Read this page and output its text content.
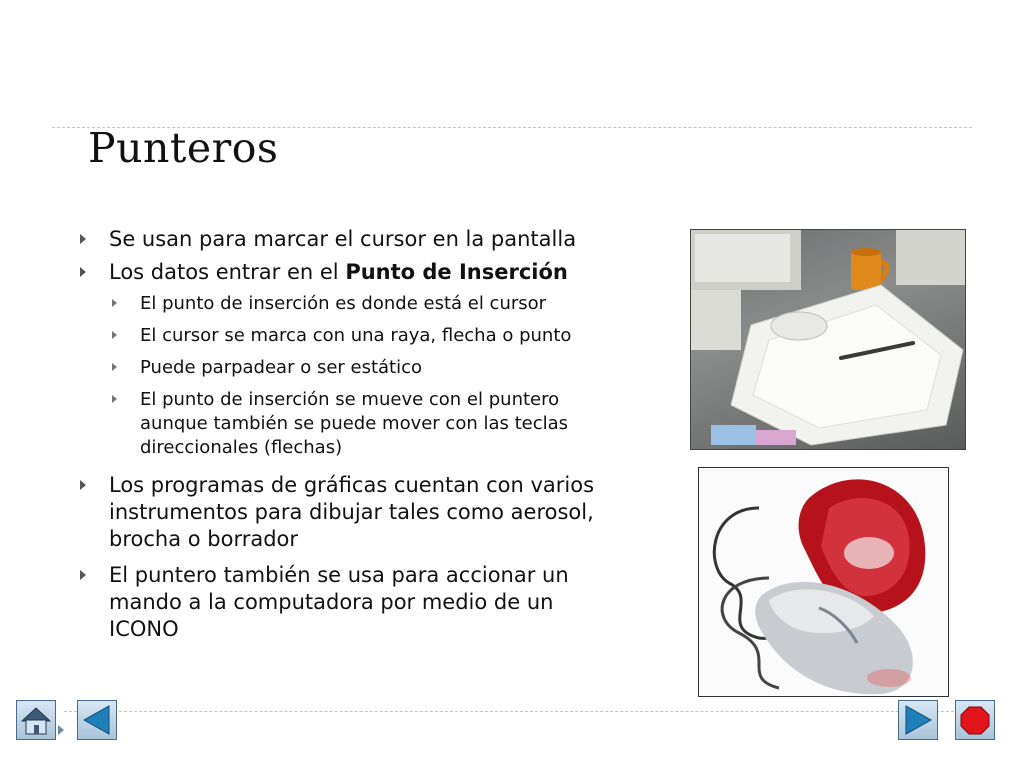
Punteros
Se usan para marcar el cursor en la pantalla
Los datos entrar en el Punto de Inserción
El punto de inserción es donde está el cursor
El cursor se marca con una raya, flecha o punto
Puede parpadear o ser estático
El punto de inserción se mueve con el puntero aunque también se puede mover con las teclas direccionales (flechas)
Los programas de gráficas cuentan con varios instrumentos para dibujar tales como aerosol, brocha o borrador
El puntero también se usa para accionar un mando a la computadora por medio de un ICONO
